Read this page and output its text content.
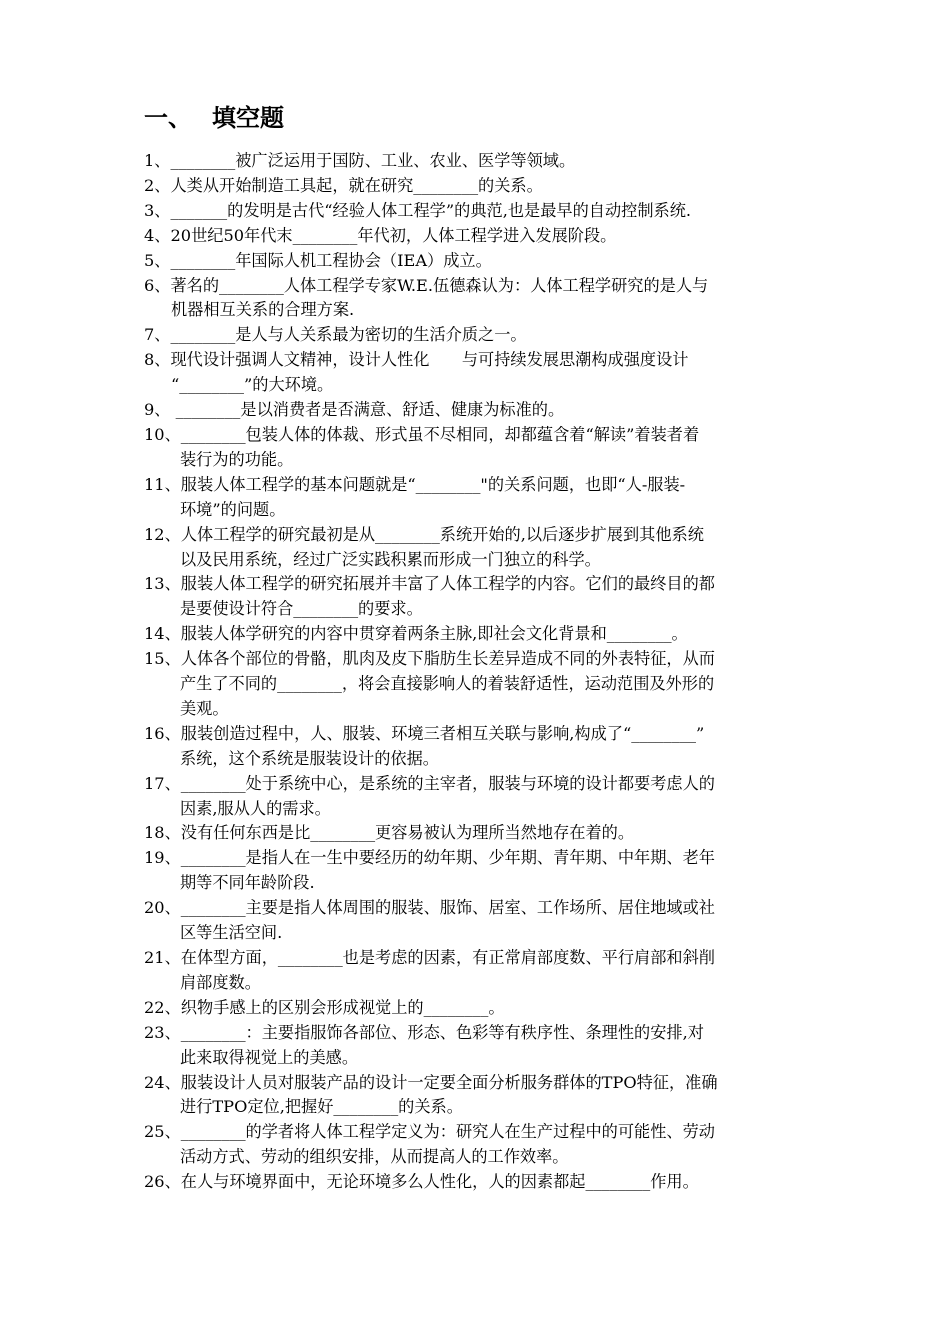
一、 填空题
1、________被广泛运用于国防、工业、农业、医学等领域。
2、人类从开始制造工具起，就在研究________的关系。
3、_______的发明是古代“经验人体工程学”的典范,也是最早的自动控制系统.
4、20世纪50年代末________年代初，人体工程学进入发展阶段。
5、________年国际人机工程协会（IEA）成立。
6、著名的________人体工程学专家W.E.伍德森认为：人体工程学研究的是人与
机器相互关系的合理方案.
7、________是人与人关系最为密切的生活介质之一。
8、现代设计强调人文精神，设计人性化　　与可持续发展思潮构成强度设计
“________”的大环境。
9、 ________是以消费者是否满意、舒适、健康为标准的。
10、________包装人体的体裁、形式虽不尽相同，却都蕴含着“解读”着装者着
装行为的功能。
11、服装人体工程学的基本问题就是“________"的关系问题，也即“人-服装-
环境”的问题。
12、人体工程学的研究最初是从________系统开始的,以后逐步扩展到其他系统
以及民用系统，经过广泛实践积累而形成一门独立的科学。
13、服装人体工程学的研究拓展并丰富了人体工程学的内容。它们的最终目的都
是要使设计符合________的要求。
14、服装人体学研究的内容中贯穿着两条主脉,即社会文化背景和________。
15、人体各个部位的骨骼，肌肉及皮下脂肪生长差异造成不同的外表特征，从而
产生了不同的________，将会直接影响人的着装舒适性，运动范围及外形的
美观。
16、服装创造过程中，人、服装、环境三者相互关联与影响,构成了“________”
系统，这个系统是服装设计的依据。
17、________处于系统中心，是系统的主宰者，服装与环境的设计都要考虑人的
因素,服从人的需求。
18、没有任何东西是比________更容易被认为理所当然地存在着的。
19、________是指人在一生中要经历的幼年期、少年期、青年期、中年期、老年
期等不同年龄阶段.
20、________主要是指人体周围的服装、服饰、居室、工作场所、居住地域或社
区等生活空间.
21、在体型方面，________也是考虑的因素，有正常肩部度数、平行肩部和斜削
肩部度数。
22、织物手感上的区别会形成视觉上的________。
23、________：主要指服饰各部位、形态、色彩等有秩序性、条理性的安排,对
此来取得视觉上的美感。
24、服装设计人员对服装产品的设计一定要全面分析服务群体的TPO特征，准确
进行TPO定位,把握好________的关系。
25、________的学者将人体工程学定义为：研究人在生产过程中的可能性、劳动
活动方式、劳动的组织安排，从而提高人的工作效率。
26、在人与环境界面中，无论环境多么人性化，人的因素都起________作用。
